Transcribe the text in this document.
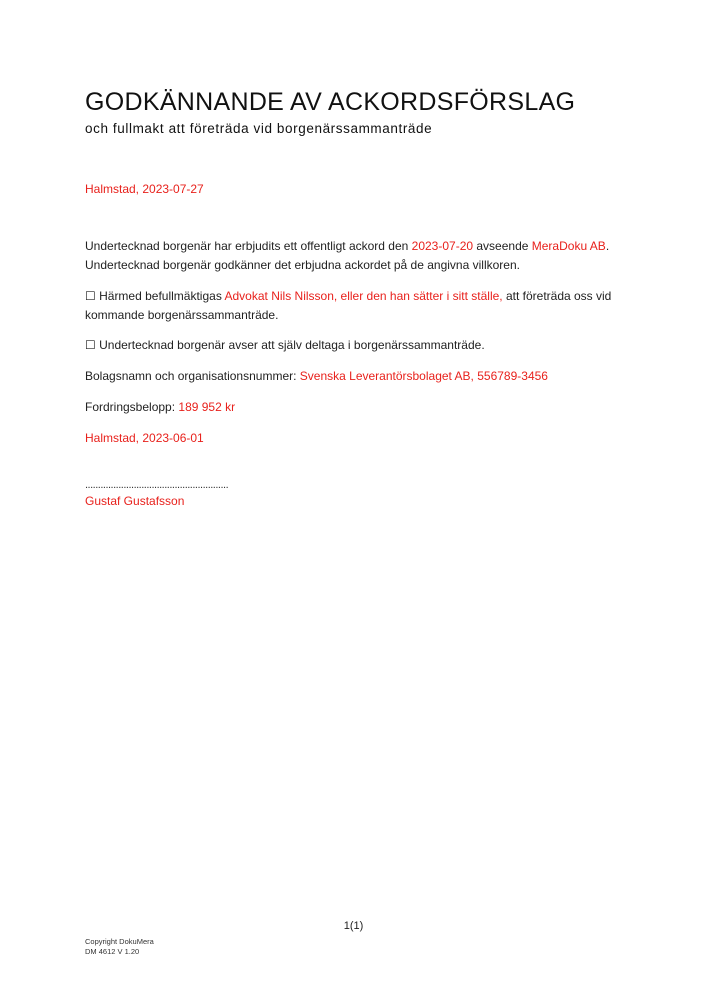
GODKÄNNANDE AV ACKORDSFÖRSLAG
och fullmakt att företräda vid borgenärssammanträde
Halmstad, 2023-07-27
Undertecknad borgenär har erbjudits ett offentligt ackord den 2023-07-20 avseende MeraDoku AB. Undertecknad borgenär godkänner det erbjudna ackordet på de angivna villkoren.
☐ Härmed befullmäktigas Advokat Nils Nilsson, eller den han sätter i sitt ställe, att företräda oss vid kommande borgenärssammanträde.
☐ Undertecknad borgenär avser att själv deltaga i borgenärssammanträde.
Bolagsnamn och organisationsnummer: Svenska Leverantörsbolaget AB, 556789-3456
Fordringsbelopp: 189 952 kr
Halmstad, 2023-06-01
........................................................
Gustaf Gustafsson
1(1)
Copyright DokuMera
DM 4612 V 1.20
